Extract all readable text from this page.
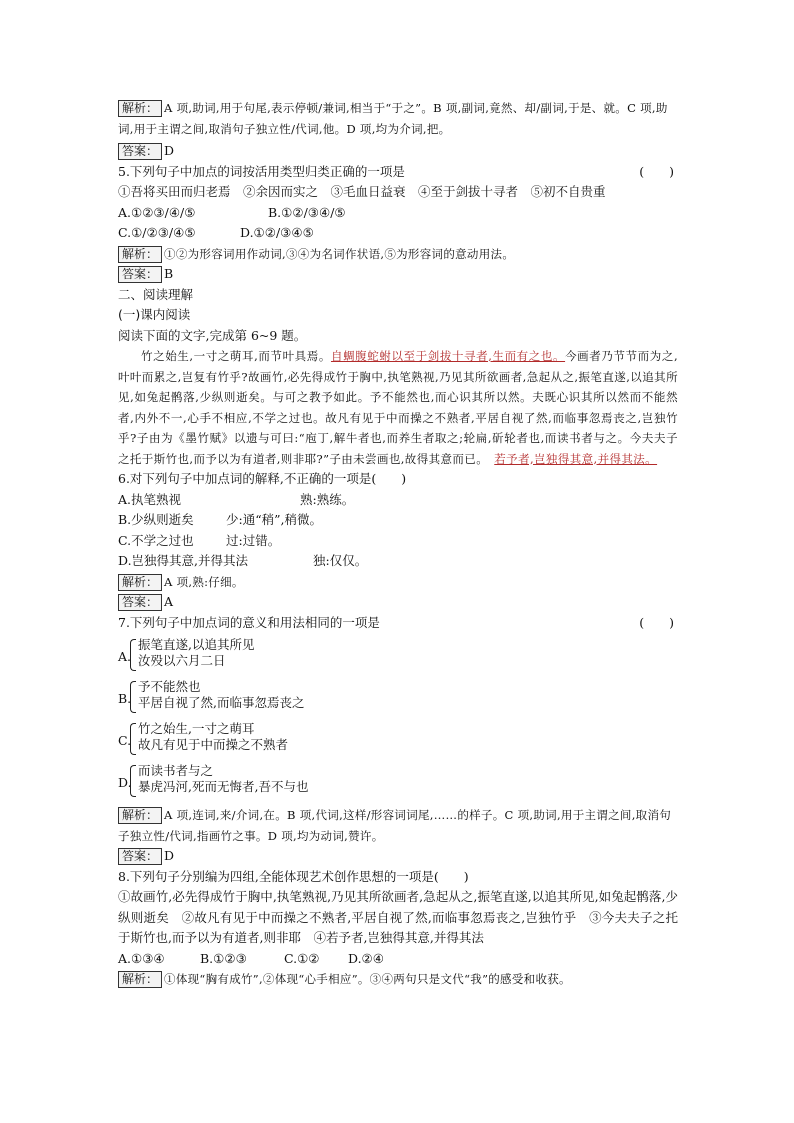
解析： A 项,助词,用于句尾,表示停顿/兼词,相当于“于之”。B 项,副词,竟然、却/副词,于是、就。C 项,助词,用于主谓之间,取消句子独立性/代词,他。D 项,均为介词,把。
答案： D
5.下列句子中加点的词按活用类型归类正确的一项是	(　　)
①吾将买田而归老焉　②余因而实之　③毛血日益衰　④至于剑拔十寻者　⑤初不自贵重
A.①②③/④/⑤	B.①②/③④/⑤
C.①/②③/④⑤	D.①②/③④⑤
解析： ①②为形容词用作动词,③④为名词作状语,⑤为形容词的意动用法。
答案： B
二、阅读理解
(一)课内阅读
阅读下面的文字,完成第 6~9 题。
竹之始生,一寸之萌耳,而节叶具焉。自蜩腹蛇蚹以至于剑拔十寻者,生而有之也。今画者乃节节而为之,叶叶而累之,岂复有竹乎?故画竹,必先得成竹于胸中,执笔熟视,乃见其所欲画者,急起从之,振笔直遂,以追其所见,如兔起鹘落,少纵则逝矣。与可之教予如此。予不能然也,而心识其所以然。夫既心识其所以然而不能然者,内外不一,心手不相应,不学之过也。故凡有见于中而操之不熟者,平居自视了然,而临事忽焉丧之,岂独竹乎?子由为《墨竹赋》以遗与可曰:“庖丁,解牛者也,而养生者取之;轮扁,斫轮者也,而读书者与之。今夫夫子之托于斯竹也,而予以为有道者,则非耶?”子由未尝画也,故得其意而已。　 若予者,岂独得其意,并得其法。
6.对下列句子中加点词的解释,不正确的一项是(　　)
A.执笔熟视	熟:熟练。
B.少纵则逝矣	少:通“稍”,稍微。
C.不学之过也	过:过错。
D.岂独得其意,并得其法	独:仅仅。
解析： A 项,熟:仔细。
答案： A
7.下列句子中加点词的意义和用法相同的一项是	(　　)
A.
振笔直遂,以追其所见
汝殁以六月二日
B.
予不能然也
平居自视了然,而临事忽焉丧之
C.
竹之始生,一寸之萌耳
故凡有见于中而操之不熟者
D.
而读书者与之
暴虎冯河,死而无悔者,吾不与也
解析： A 项,连词,来/介词,在。B 项,代词,这样/形容词词尾,……的样子。C 项,助词,用于主谓之间,取消句子独立性/代词,指画竹之事。D 项,均为动词,赞许。
答案： D
8.下列句子分别编为四组,全能体现艺术创作思想的一项是(　　)
①故画竹,必先得成竹于胸中,执笔熟视,乃见其所欲画者,急起从之,振笔直遂,以追其所见,如兔起鹘落,少纵则逝矣　②故凡有见于中而操之不熟者,平居自视了然,而临事忽焉丧之,岂独竹乎　③今夫夫子之托于斯竹也,而予以为有道者,则非耶　④若予者,岂独得其意,并得其法
A.①③④	B.①②③	C.①② D.②④
解析： ①体现“胸有成竹”,②体现“心手相应”。③④两句只是文代“我”的感受和收获。
